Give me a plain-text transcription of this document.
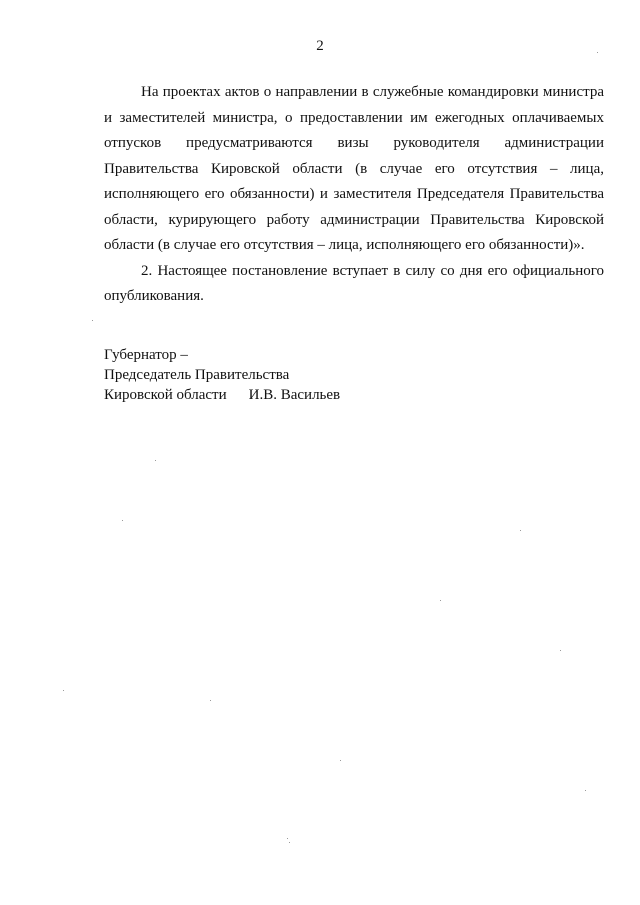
2

На проектах актов о направлении в служебные командировки министра и заместителей министра, о предоставлении им ежегодных оплачиваемых отпусков предусматриваются визы руководителя администрации Правительства Кировской области (в случае его отсутствия – лица, исполняющего его обязанности) и заместителя Председателя Правительства области, курирующего работу администрации Правительства Кировской области (в случае его отсутствия – лица, исполняющего его обязанности)».

2. Настоящее постановление вступает в силу со дня его официального опубликования.

Губернатор –
Председатель Правительства
Кировской области И.В. Васильев
